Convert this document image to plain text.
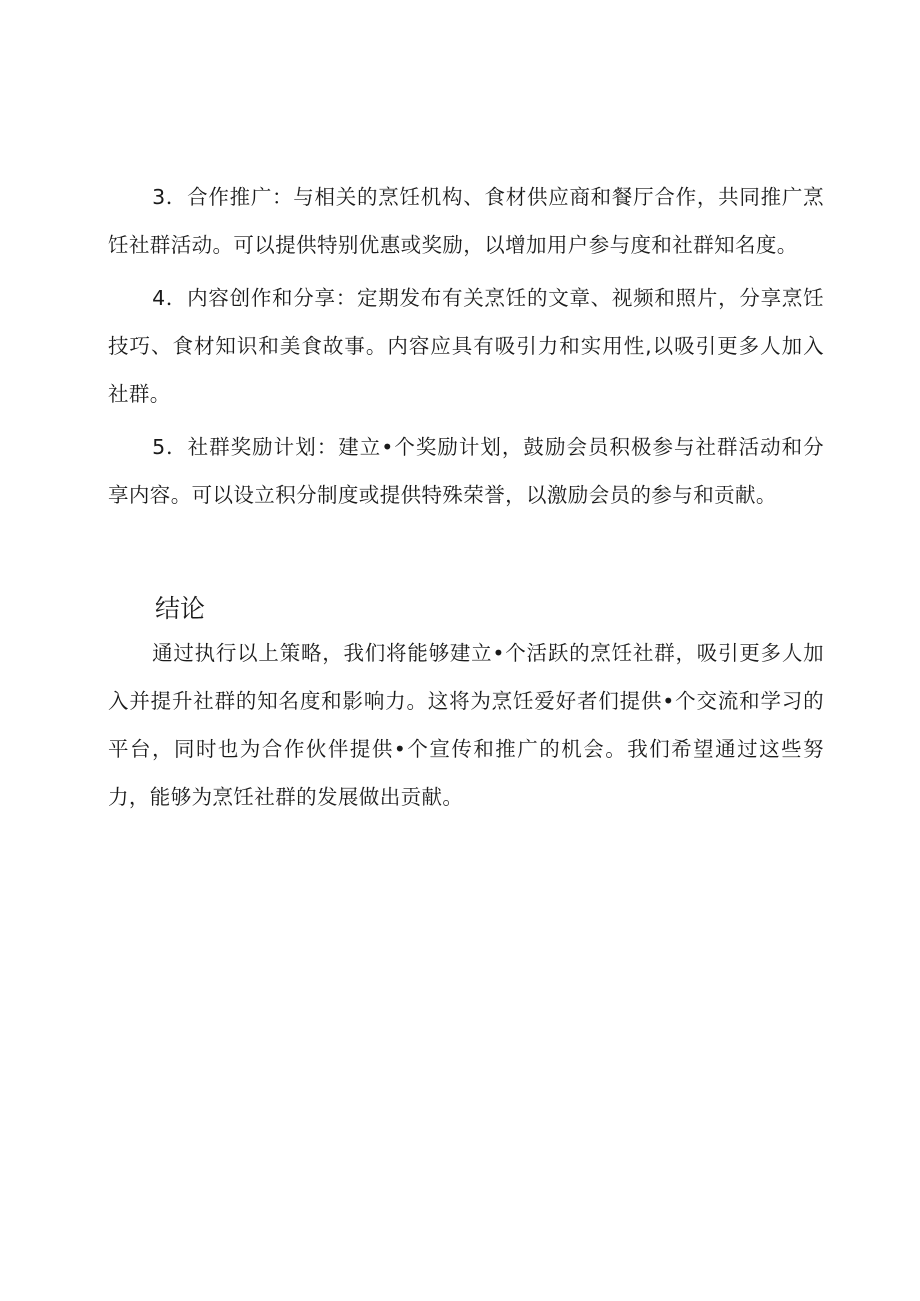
3．合作推广：与相关的烹饪机构、食材供应商和餐厅合作，共同推广烹饪社群活动。可以提供特别优惠或奖励，以增加用户参与度和社群知名度。

4．内容创作和分享：定期发布有关烹饪的文章、视频和照片，分享烹饪技巧、食材知识和美食故事。内容应具有吸引力和实用性,以吸引更多人加入社群。

5．社群奖励计划：建立•个奖励计划，鼓励会员积极参与社群活动和分享内容。可以设立积分制度或提供特殊荣誉，以激励会员的参与和贡献。

结论

通过执行以上策略，我们将能够建立•个活跃的烹饪社群，吸引更多人加入并提升社群的知名度和影响力。这将为烹饪爱好者们提供•个交流和学习的平台，同时也为合作伙伴提供•个宣传和推广的机会。我们希望通过这些努力，能够为烹饪社群的发展做出贡献。
